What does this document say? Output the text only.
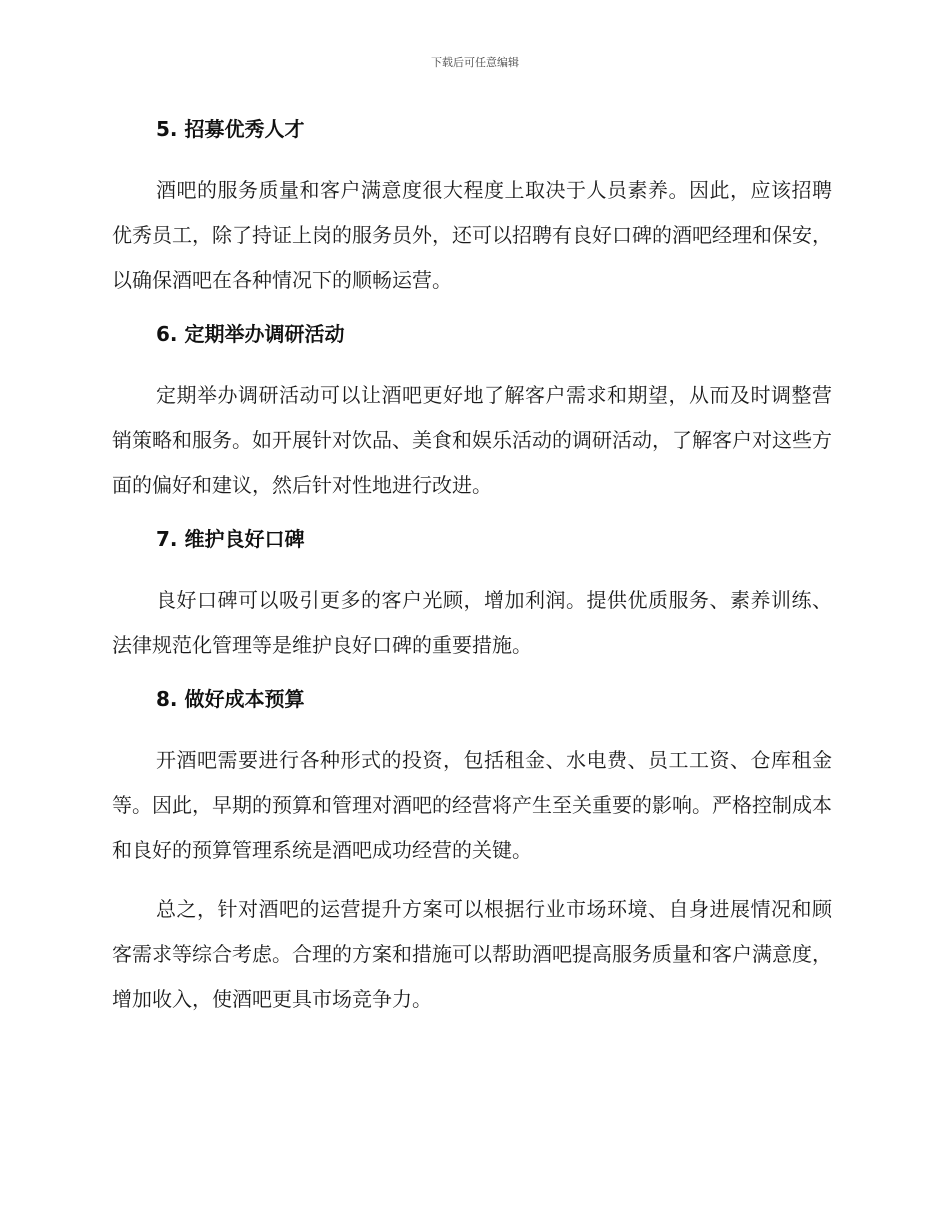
下载后可任意编辑
5. 招募优秀人才

酒吧的服务质量和客户满意度很大程度上取决于人员素养。因此，应该招聘优秀员工，除了持证上岗的服务员外，还可以招聘有良好口碑的酒吧经理和保安，以确保酒吧在各种情况下的顺畅运营。

6. 定期举办调研活动

定期举办调研活动可以让酒吧更好地了解客户需求和期望，从而及时调整营销策略和服务。如开展针对饮品、美食和娱乐活动的调研活动，了解客户对这些方面的偏好和建议，然后针对性地进行改进。

7. 维护良好口碑

良好口碑可以吸引更多的客户光顾，增加利润。提供优质服务、素养训练、法律规范化管理等是维护良好口碑的重要措施。

8. 做好成本预算

开酒吧需要进行各种形式的投资，包括租金、水电费、员工工资、仓库租金等。因此，早期的预算和管理对酒吧的经营将产生至关重要的影响。严格控制成本和良好的预算管理系统是酒吧成功经营的关键。

总之，针对酒吧的运营提升方案可以根据行业市场环境、自身进展情况和顾客需求等综合考虑。合理的方案和措施可以帮助酒吧提高服务质量和客户满意度，增加收入，使酒吧更具市场竞争力。
